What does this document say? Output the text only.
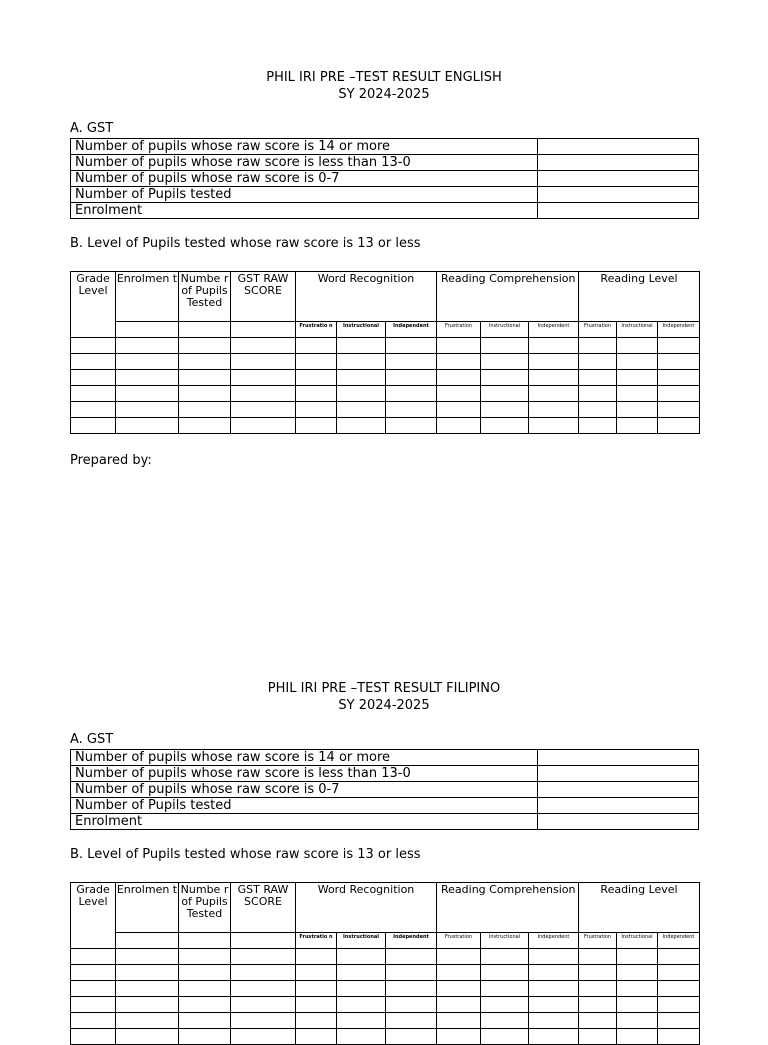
PHIL IRI PRE –TEST RESULT ENGLISH
SY 2024-2025
A. GST
Number of pupils whose raw score is 14 or more	
Number of pupils whose raw score is less than 13-0	
Number of pupils whose raw score is 0-7	
Number of Pupils tested	
Enrolment	
B. Level of Pupils tested whose raw score is 13 or less
Grade Level	Enrolmen t	Numbe r of Pupils Tested	GST RAW SCORE	Word Recognition			Reading Comprehension			Reading Level		
				Frustratio n	Instructional	Independent	Frustration	Instructional	Independent	Frustration	Instructional	Independent

Prepared by:
PHIL IRI PRE –TEST RESULT FILIPINO
SY 2024-2025
A. GST
Number of pupils whose raw score is 14 or more	
Number of pupils whose raw score is less than 13-0	
Number of pupils whose raw score is 0-7	
Number of Pupils tested	
Enrolment	
B. Level of Pupils tested whose raw score is 13 or less
Grade Level	Enrolmen t	Numbe r of Pupils Tested	GST RAW SCORE	Word Recognition			Reading Comprehension			Reading Level		
				Frustratio n	Instructional	Independent	Frustration	Instructional	Independent	Frustration	Instructional	Independent
